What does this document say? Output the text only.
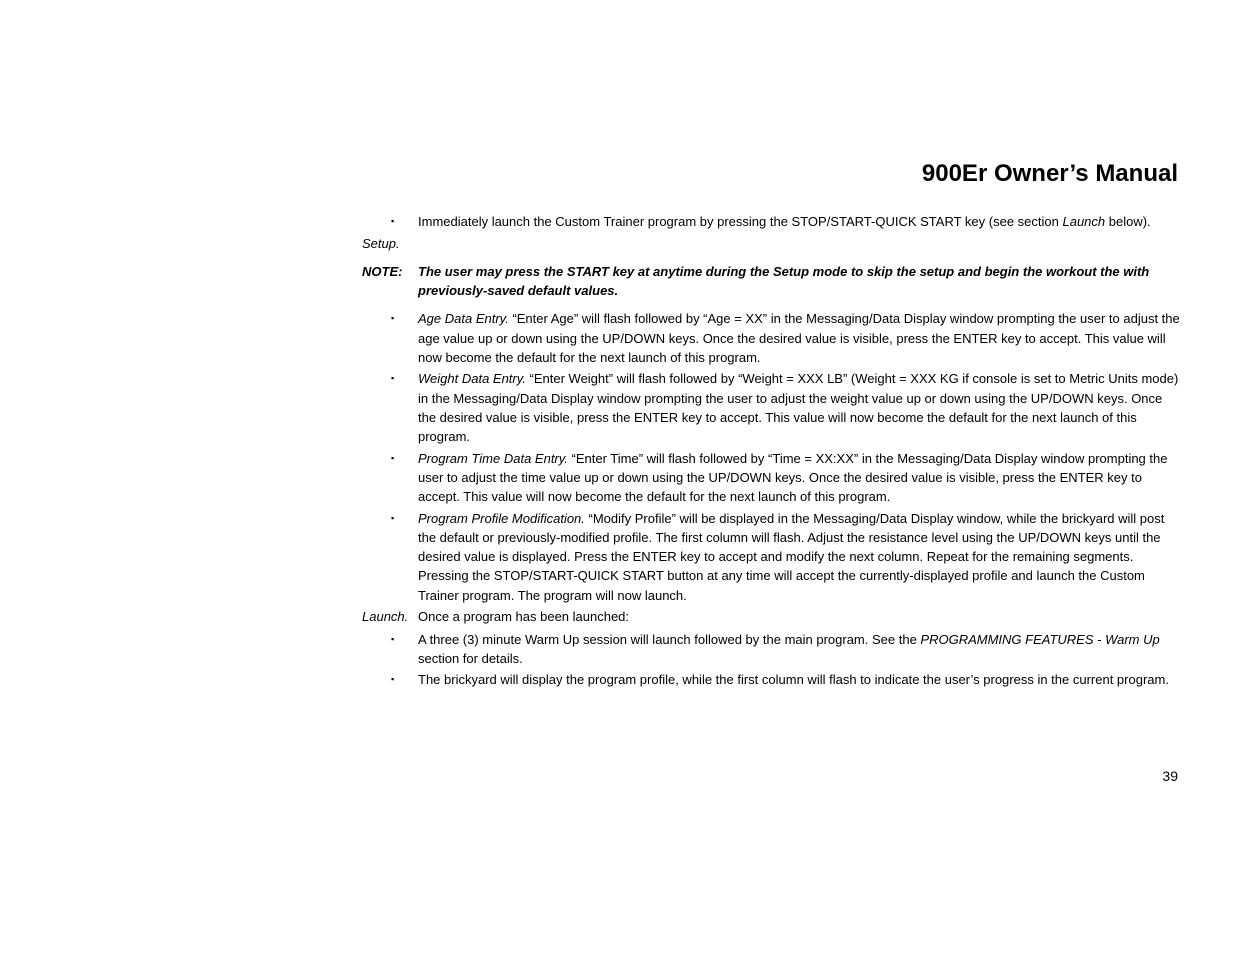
900Er Owner’s Manual
▪ Immediately launch the Custom Trainer program by pressing the STOP/START-QUICK START key (see section Launch below).

Setup.

NOTE: The user may press the START key at anytime during the Setup mode to skip the setup and begin the workout the with previously-saved default values.
▪ Age Data Entry. “Enter Age” will flash followed by “Age = XX” in the Messaging/Data Display window prompting the user to adjust the age value up or down using the UP/DOWN keys. Once the desired value is visible, press the ENTER key to accept. This value will now become the default for the next launch of this program.
▪ Weight Data Entry. “Enter Weight” will flash followed by “Weight = XXX LB” (Weight = XXX KG if console is set to Metric Units mode) in the Messaging/Data Display window prompting the user to adjust the weight value up or down using the UP/DOWN keys. Once the desired value is visible, press the ENTER key to accept. This value will now become the default for the next launch of this program.
▪ Program Time Data Entry. “Enter Time” will flash followed by “Time = XX:XX” in the Messaging/Data Display window prompting the user to adjust the time value up or down using the UP/DOWN keys. Once the desired value is visible, press the ENTER key to accept. This value will now become the default for the next launch of this program.
▪ Program Profile Modification. “Modify Profile” will be displayed in the Messaging/Data Display window, while the brickyard will post the default or previously-modified profile. The first column will flash. Adjust the resistance level using the UP/DOWN keys until the desired value is displayed. Press the ENTER key to accept and modify the next column. Repeat for the remaining segments. Pressing the STOP/START-QUICK START button at any time will accept the currently-displayed profile and launch the Custom Trainer program. The program will now launch.
Launch. Once a program has been launched:
▪ A three (3) minute Warm Up session will launch followed by the main program. See the PROGRAMMING FEATURES - Warm Up section for details.
▪ The brickyard will display the program profile, while the first column will flash to indicate the user’s progress in the current program.
39
